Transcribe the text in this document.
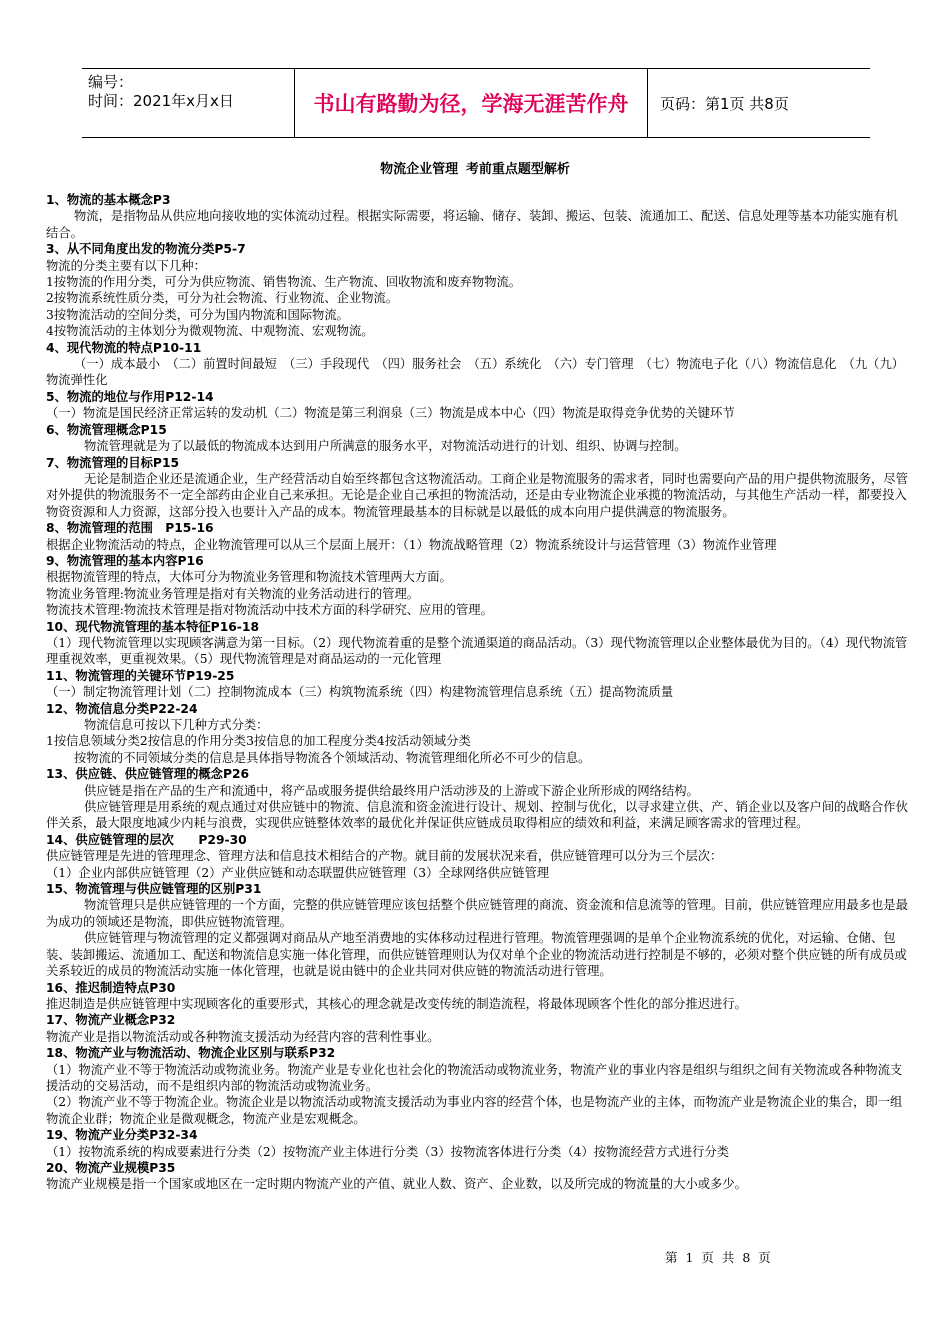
编号：
时间：2021年x月x日	书山有路勤为径，学海无涯苦作舟	页码：第1页 共8页
物流企业管理 考前重点题型解析

1、物流的基本概念P3

物流，是指物品从供应地向接收地的实体流动过程。根据实际需要，将运输、储存、装卸、搬运、包装、流通加工、配送、信息处理等基本功能实施有机结合。

3、从不同角度出发的物流分类P5-7

物流的分类主要有以下几种：

1按物流的作用分类，可分为供应物流、销售物流、生产物流、回收物流和废弃物物流。

2按物流系统性质分类，可分为社会物流、行业物流、企业物流。

3按物流活动的空间分类，可分为国内物流和国际物流。

4按物流活动的主体划分为微观物流、中观物流、宏观物流。

4、现代物流的特点P10-11

（一）成本最小　（二）前置时间最短　（三）手段现代　（四）服务社会　（五）系统化　（六）专门管理　（七）物流电子化（八）物流信息化　（九（九）物流弹性化

5、物流的地位与作用P12-14

（一）物流是国民经济正常运转的发动机（二）物流是第三利润泉（三）物流是成本中心（四）物流是取得竞争优势的关键环节

6、物流管理概念P15

物流管理就是为了以最低的物流成本达到用户所满意的服务水平，对物流活动进行的计划、组织、协调与控制。

7、物流管理的目标P15

无论是制造企业还是流通企业，生产经营活动自始至终都包含这物流活动。工商企业是物流服务的需求者，同时也需要向产品的用户提供物流服务，尽管对外提供的物流服务不一定全部药由企业自己来承担。无论是企业自己承担的物流活动，还是由专业物流企业承揽的物流活动，与其他生产活动一样，都要投入物资资源和人力资源，这部分投入也要计入产品的成本。物流管理最基本的目标就是以最低的成本向用户提供满意的物流服务。

8、物流管理的范围　P15-16

根据企业物流活动的特点，企业物流管理可以从三个层面上展开：（1）物流战略管理（2）物流系统设计与运营管理（3）物流作业管理

9、物流管理的基本内容P16

根据物流管理的特点，大体可分为物流业务管理和物流技术管理两大方面。

物流业务管理:物流业务管理是指对有关物流的业务活动进行的管理。

物流技术管理:物流技术管理是指对物流活动中技术方面的科学研究、应用的管理。

10、现代物流管理的基本特征P16-18

（1）现代物流管理以实现顾客满意为第一目标。（2）现代物流着重的是整个流通渠道的商品活动。（3）现代物流管理以企业整体最优为目的。（4）现代物流管理重视效率，更重视效果。（5）现代物流管理是对商品运动的一元化管理

11、物流管理的关键环节P19-25

（一）制定物流管理计划（二）控制物流成本（三）构筑物流系统（四）构建物流管理信息系统（五）提高物流质量

12、物流信息分类P22-24

物流信息可按以下几种方式分类：

1按信息领域分类2按信息的作用分类3按信息的加工程度分类4按活动领域分类

按物流的不同领域分类的信息是具体指导物流各个领域活动、物流管理细化所必不可少的信息。

13、供应链、供应链管理的概念P26

供应链是指在产品的生产和流通中，将产品或服务提供给最终用户活动涉及的上游或下游企业所形成的网络结构。

供应链管理是用系统的观点通过对供应链中的物流、信息流和资金流进行设计、规划、控制与优化，以寻求建立供、产、销企业以及客户间的战略合作伙伴关系，最大限度地减少内耗与浪费，实现供应链整体效率的最优化并保证供应链成员取得相应的绩效和利益，来满足顾客需求的管理过程。

14、供应链管理的层次　　P29-30

供应链管理是先进的管理理念、管理方法和信息技术相结合的产物。就目前的发展状况来看，供应链管理可以分为三个层次：

（1）企业内部供应链管理（2）产业供应链和动态联盟供应链管理（3）全球网络供应链管理

15、物流管理与供应链管理的区别P31

物流管理只是供应链管理的一个方面，完整的供应链管理应该包括整个供应链管理的商流、资金流和信息流等的管理。目前，供应链管理应用最多也是最为成功的领域还是物流，即供应链物流管理。

供应链管理与物流管理的定义都强调对商品从产地至消费地的实体移动过程进行管理。物流管理强调的是单个企业物流系统的优化，对运输、仓储、包装、装卸搬运、流通加工、配送和物流信息实施一体化管理，而供应链管理则认为仅对单个企业的物流活动进行控制是不够的，必须对整个供应链的所有成员或关系较近的成员的物流活动实施一体化管理，也就是说由链中的企业共同对供应链的物流活动进行管理。

16、推迟制造特点P30

推迟制造是供应链管理中实现顾客化的重要形式，其核心的理念就是改变传统的制造流程，将最体现顾客个性化的部分推迟进行。

17、物流产业概念P32

物流产业是指以物流活动或各种物流支援活动为经营内容的营利性事业。

18、物流产业与物流活动、物流企业区别与联系P32

（1）物流产业不等于物流活动或物流业务。物流产业是专业化也社会化的物流活动或物流业务，物流产业的事业内容是组织与组织之间有关物流或各种物流支援活动的交易活动，而不是组织内部的物流活动或物流业务。

（2）物流产业不等于物流企业。物流企业是以物流活动或物流支援活动为事业内容的经营个体，也是物流产业的主体，而物流产业是物流企业的集合，即一组物流企业群；物流企业是微观概念，物流产业是宏观概念。

19、物流产业分类P32-34

（1）按物流系统的构成要素进行分类（2）按物流产业主体进行分类（3）按物流客体进行分类（4）按物流经营方式进行分类

20、物流产业规模P35

物流产业规模是指一个国家或地区在一定时期内物流产业的产值、就业人数、资产、企业数，以及所完成的物流量的大小或多少。

第 1 页 共 8 页
